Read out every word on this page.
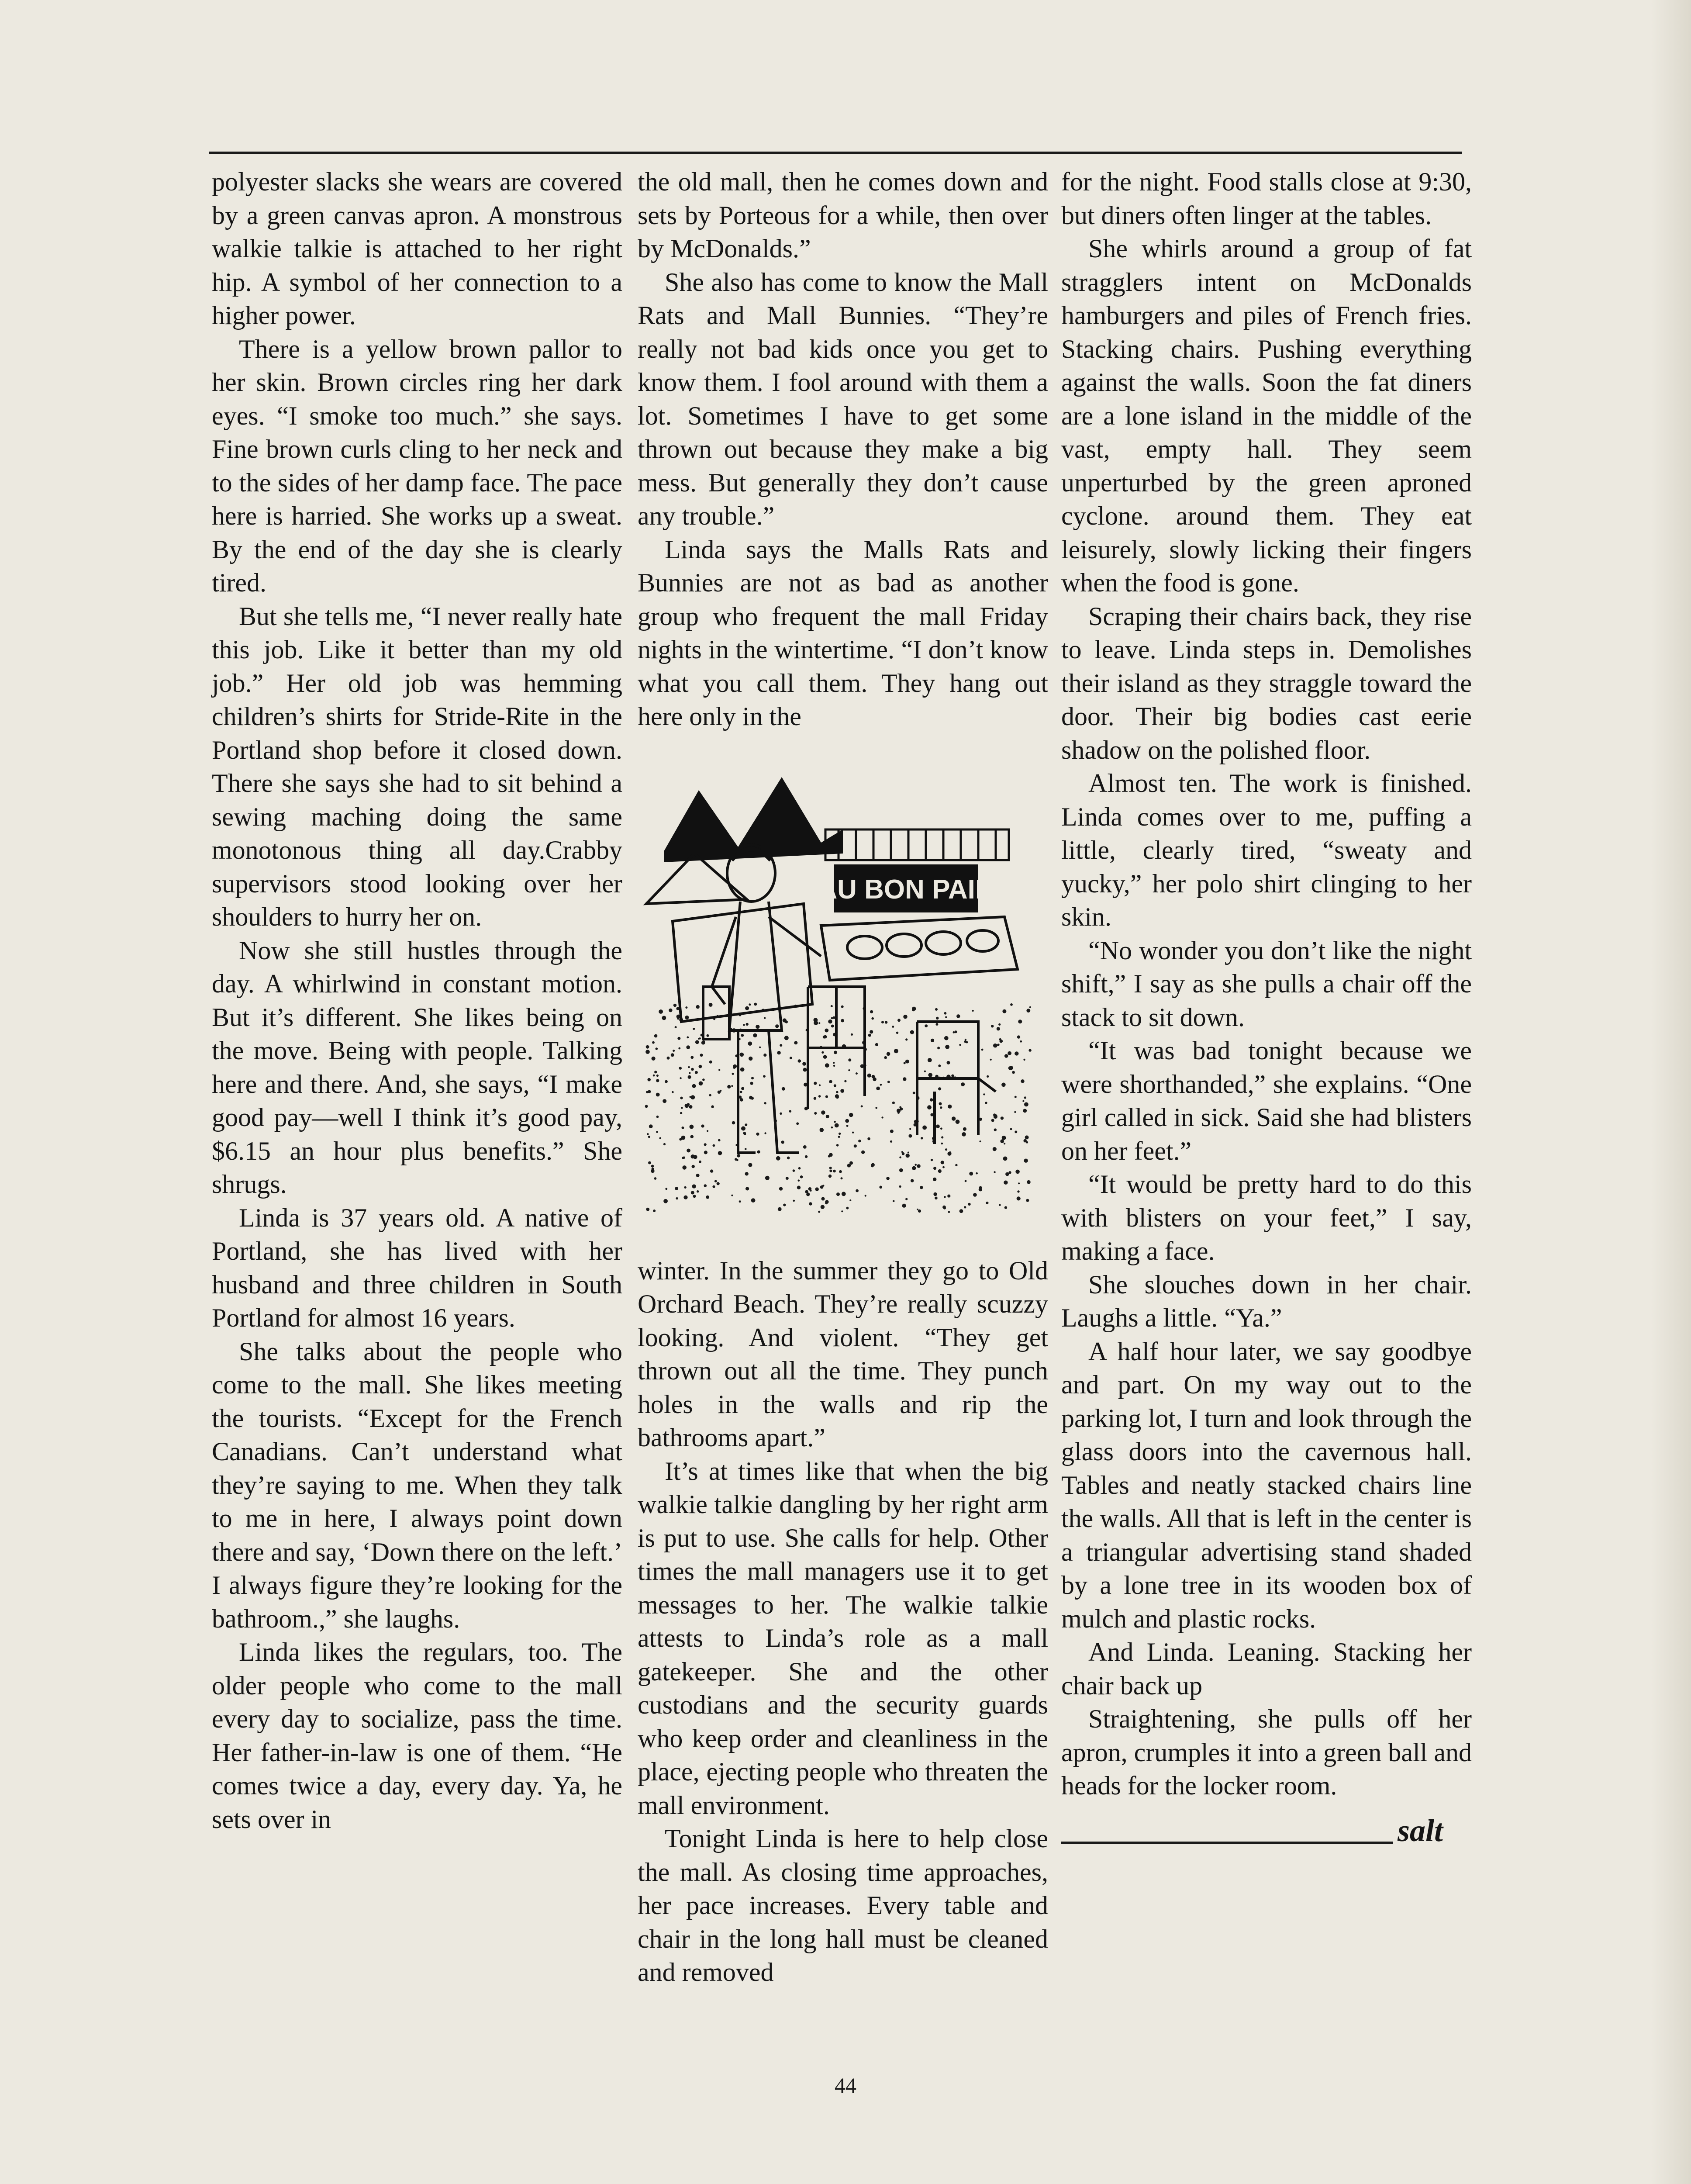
polyester slacks she wears are covered by a green canvas apron. A monstrous walkie talkie is attached to her right hip. A symbol of her connection to a higher power.

There is a yellow brown pallor to her skin. Brown circles ring her dark eyes. “I smoke too much.” she says. Fine brown curls cling to her neck and to the sides of her damp face. The pace here is harried. She works up a sweat. By the end of the day she is clearly tired.

But she tells me, “I never really hate this job. Like it better than my old job.” Her old job was hemming children’s shirts for Stride-Rite in the Portland shop before it closed down. There she says she had to sit behind a sewing maching doing the same monotonous thing all day.Crabby supervisors stood looking over her shoulders to hurry her on.

Now she still hustles through the day. A whirlwind in constant motion. But it’s different. She likes being on the move. Being with people. Talking here and there. And, she says, “I make good pay—well I think it’s good pay, $6.15 an hour plus benefits.” She shrugs.

Linda is 37 years old. A native of Portland, she has lived with her husband and three children in South Portland for almost 16 years.

She talks about the people who come to the mall. She likes meeting the tourists. “Except for the French Canadians. Can’t understand what they’re saying to me. When they talk to me in here, I always point down there and say, ‘Down there on the left.’ I always figure they’re looking for the bathroom.,” she laughs.

Linda likes the regulars, too. The older people who come to the mall every day to socialize, pass the time. Her father-in-law is one of them. “He comes twice a day, every day. Ya, he sets over in

the old mall, then he comes down and sets by Porteous for a while, then over by McDonalds.”

She also has come to know the Mall Rats and Mall Bunnies. “They’re really not bad kids once you get to know them. I fool around with them a lot. Sometimes I have to get some thrown out because they make a big mess. But generally they don’t cause any trouble.”

Linda says the Malls Rats and Bunnies are not as bad as another group who frequent the mall Friday nights in the wintertime. “I don’t know what you call them. They hang out here only in the

AU BON PAIN

winter. In the summer they go to Old Orchard Beach. They’re really scuzzy looking. And violent. “They get thrown out all the time. They punch holes in the walls and rip the bathrooms apart.”

It’s at times like that when the big walkie talkie dangling by her right arm is put to use. She calls for help. Other times the mall managers use it to get messages to her. The walkie talkie attests to Linda’s role as a mall gatekeeper. She and the other custodians and the security guards who keep order and cleanliness in the place, ejecting people who threaten the mall environment.

Tonight Linda is here to help close the mall. As closing time approaches, her pace increases. Every table and chair in the long hall must be cleaned and removed

for the night. Food stalls close at 9:30, but diners often linger at the tables.

She whirls around a group of fat stragglers intent on McDonalds hamburgers and piles of French fries. Stacking chairs. Pushing everything against the walls. Soon the fat diners are a lone island in the middle of the vast, empty hall. They seem unperturbed by the green aproned cyclone. around them. They eat leisurely, slowly licking their fingers when the food is gone.

Scraping their chairs back, they rise to leave. Linda steps in. Demolishes their island as they straggle toward the door. Their big bodies cast eerie shadow on the polished floor.

Almost ten. The work is finished. Linda comes over to me, puffing a little, clearly tired, “sweaty and yucky,” her polo shirt clinging to her skin.

“No wonder you don’t like the night shift,” I say as she pulls a chair off the stack to sit down.

“It was bad tonight because we were shorthanded,” she explains. “One girl called in sick. Said she had blisters on her feet.”

“It would be pretty hard to do this with blisters on your feet,” I say, making a face.

She slouches down in her chair. Laughs a little. “Ya.”

A half hour later, we say goodbye and part. On my way out to the parking lot, I turn and look through the glass doors into the cavernous hall. Tables and neatly stacked chairs line the walls. All that is left in the center is a triangular advertising stand shaded by a lone tree in its wooden box of mulch and plastic rocks.

And Linda. Leaning. Stacking her chair back up

Straightening, she pulls off her apron, crumples it into a green ball and heads for the locker room.

salt
44
